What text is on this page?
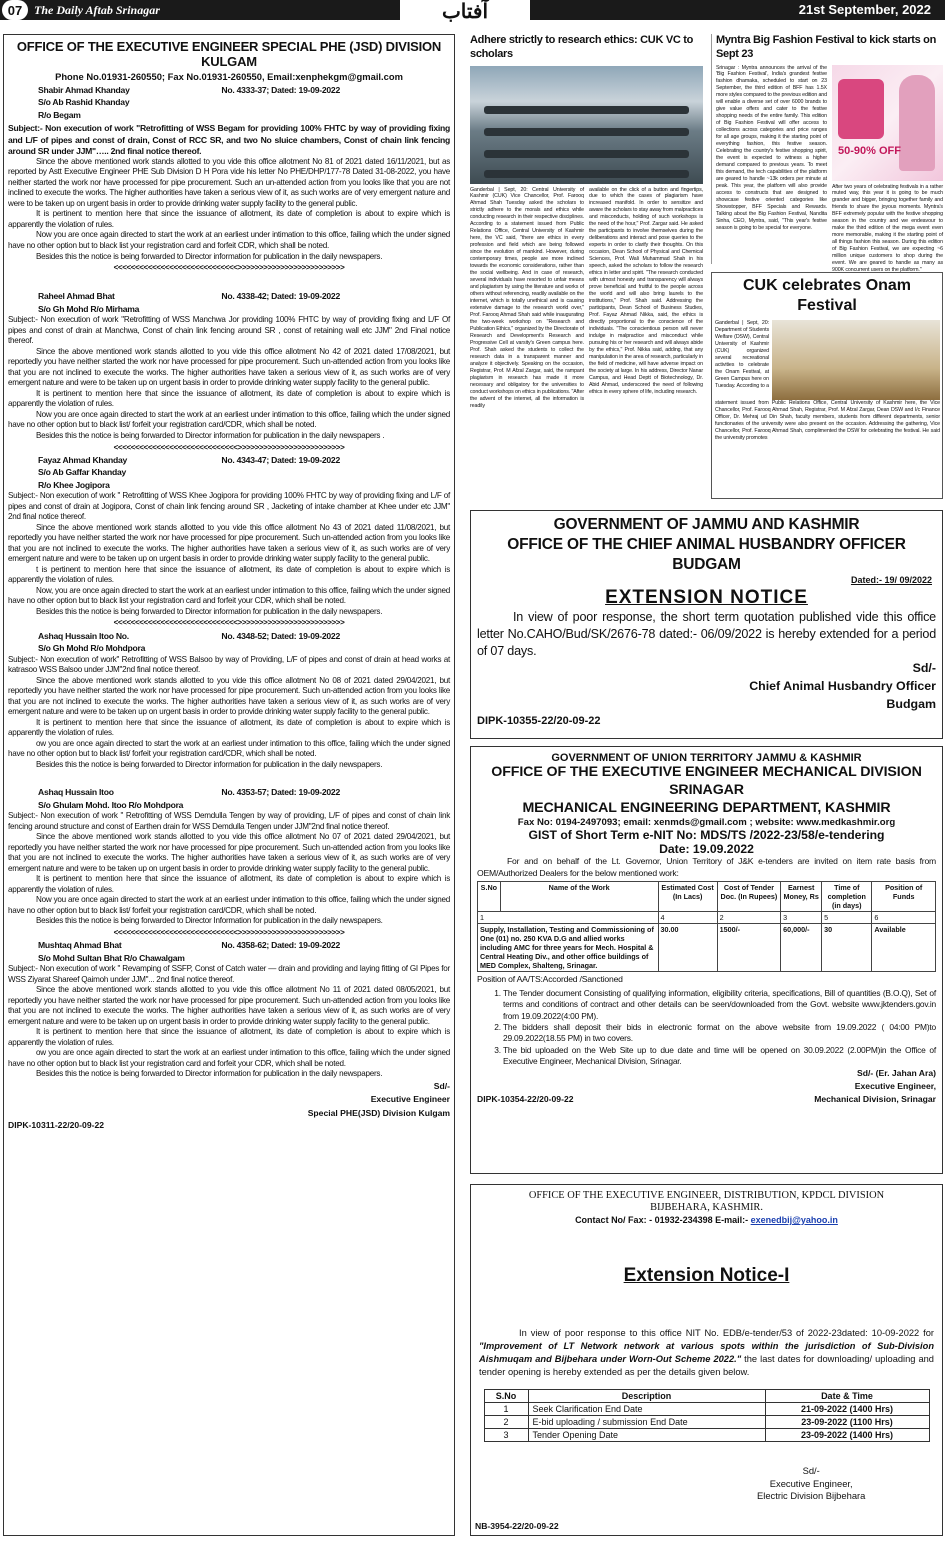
07 The Daily Aftab Srinagar	آفتاب	21st September, 2022
OFFICE OF THE EXECUTIVE ENGINEER SPECIAL PHE (JSD) DIVISION KULGAM
Phone No.01931-260550; Fax No.01931-260550, Email:xenphekgm@gmail.com
Shabir Ahmad Khanday	No. 4333-37; Dated: 19-09-2022
S/o Ab Rashid Khanday
R/o Begam

Subject:- Non execution of work "Retrofitting of WSS Begam for providing 100% FHTC by way of providing fixing and L/F of pipes and const of drain, Const of RCC SR, and two No sluice chambers, Const of chain link fencing around SR under JJM"….. 2nd final notice thereof.

Since the above mentioned work stands allotted to you vide this office allotment No 81 of 2021 dated 16/11/2021, but as reported by Astt Executive Engineer PHE Sub Division D H Pora vide his letter No PHE/DHP/177-78 Dated 31-08-2022, you have neither started the work nor have processed for pipe procurement. Such an un-attended action from you looks like that you are not inclined to execute the works. The higher authorities have taken a serious view of it, as such works are of very emergent nature and were to be taken up on urgent basis in order to provide drinking water supply facility to the general public.

It is pertinent to mention here that since the issuance of allotment, its date of completion is about to expire which is apparently the violation of rules.

Now you are once again directed to start the work at an earliest under intimation to this office, failing which the under signed have no other option but to black list your registration card and forfeit CDR, which shall be noted.

Besides this the notice is being forwarded to Director information for publication in the daily newspapers.

<<<<<<<<<<<<<<<<<<<<<<<<<<<<<>>>>>>>>>>>>>>>>>>>>>>>>>
Raheel Ahmad Bhat	No. 4338-42; Dated: 19-09-2022
S/o Gh Mohd R/o Mirhama

Subject:- Non execution of work "Retrofitting of WSS Manchwa Jor providing 100% FHTC by way of providing fixing and L/F Of pipes and const of drain at Manchwa, Const of chain link fencing around SR , const of retaining wall etc JJM" 2nd Final notice thereof.

Since the above mentioned work stands allotted to you vide this office allotment No 42 of 2021 dated 17/08/2021, but reportedly you have neither started the work nor have processed for pipe procurement. Such un-attended action from you looks like that you are not inclined to execute the works. The higher authorities have taken a serious view of it, as such works are of very emergent nature and were to be taken up on urgent basis in order to provide drinking water supply facility to the general public.

It is pertinent to mention here that since the issuance of allotment, its date of completion is about to expire which is apparently the violation of rules.

Now you are once again directed to start the work at an earliest under intimation to this office, failing which the under signed have no other option but to black list/ forfeit your registration card/CDR, which shall be noted.

Besides this the notice is being forwarded to Director information for publication in the daily newspapers .

<<<<<<<<<<<<<<<<<<<<<<<<<<<<<>>>>>>>>>>>>>>>>>>>>>>>>>
Fayaz Ahmad Khanday	No. 4343-47; Dated: 19-09-2022
S/o Ab Gaffar Khanday
R/o Khee Jogipora

Subject:- Non execution of work " Retrofitting of WSS Khee Jogipora for providing 100% FHTC by way of providing fixing and L/F of pipes and const of drain at Jogipora, Const of chain link fencing around SR , Jacketing of intake chamber at Khee under etc JJM" 2nd final notice thereof.

Since the above mentioned work stands allotted to you vide this office allotment No 43 of 2021 dated 11/08/2021, but reportedly you have neither started the work nor have processed for pipe procurement. Such un-attended action from you looks like that you are not inclined to execute the works. The higher authorities have taken a serious view of it, as such works are of very emergent nature and were to be taken up on urgent basis in order to provide drinking water supply facility to the general public.

t is pertinent to mention here that since the issuance of allotment, its date of completion is about to expire which is apparently the violation of rules.

Now, you are once again directed to start the work at an earliest under intimation to this office, failing which the under signed have no other option but to black list your registration card and forfeit your CDR, which shall be noted.

Besides this the notice is being forwarded to Director information for publication in the daily newspapers.

<<<<<<<<<<<<<<<<<<<<<<<<<<<<<>>>>>>>>>>>>>>>>>>>>>>>>>
Ashaq Hussain Itoo No.	No. 4348-52; Dated: 19-09-2022
S/o Gh Mohd R/o Mohdpora

Subject:- Non execution of work" Retrofitting of WSS Balsoo by way of Providing, L/F of pipes and const of drain at head works at katrasoo WSS Balsoo under JJM"2nd final notice thereof.

Since the above mentioned work stands allotted to you vide this office allotment No 08 of 2021 dated 29/04/2021, but reportedly you have neither started the work nor have processed for pipe procurement. Such un-attended action from you looks like that you are not inclined to execute the works. The higher authorities have taken a serious view of it, as such works are of very emergent nature and were to be taken up on urgent basis in order to provide drinking water supply facility to the general public.

It is pertinent to mention here that since the issuance of allotment, its date of completion is about to expire which is apparently the violation of rules.

ow you are once again directed to start the work at an earliest under intimation to this office, failing which the under signed have no other option but to black list/ forfeit your registration card/CDR, which shall be noted.

Besides this the notice is being forwarded to Director information for publication in the daily newspapers.

Ashaq Hussain Itoo	No. 4353-57; Dated: 19-09-2022
S/o Ghulam Mohd. Itoo R/o Mohdpora

Subject:- Non execution of work " Retrofitting of WSS Demdulla Tengen by way of providing, L/F of pipes and const of chain link fencing around structure and const of Earthen drain for WSS Demdulla Tengen under JJM"2nd final notice thereof.

Since the above mentioned work stands allotted to you vide this office allotment No 07 of 2021 dated 29/04/2021, but reportedly you have neither started the work nor have processed for pipe procurement. Such un-attended action from you looks like that you are not inclined to execute the works. The higher authorities have taken a serious view of it, as such works are of very emergent nature and were to be taken up on urgent basis in order to provide drinking water supply facility to the general public.

It is pertinent to mention here that since the issuance of allotment, its date of completion is about to expire which is apparently the violation of rules.

Now you are once again directed to start the work at an earliest under intimation to this office, failing which the under signed have no other option but to black list/ forfeit your registration card/CDR, which shall be noted.

Besides this the notice is being forwarded to Director Information for publication in the daily newspapers.

<<<<<<<<<<<<<<<<<<<<<<<<<<<<<>>>>>>>>>>>>>>>>>>>>>>>>>
Mushtaq Ahmad Bhat	No. 4358-62; Dated: 19-09-2022
S/o Mohd Sultan Bhat R/o Chawalgam

Subject:- Non execution of work " Revamping of SSFP, Const of Catch water — drain and providing and laying fitting of GI Pipes for WSS Ziyarat Shareef Qaimoh under JJM"... 2nd final notice thereof.

Since the above mentioned work stands allotted to you vide this office allotment No 11 of 2021 dated 08/05/2021, but reportedly you have neither started the work nor have processed for pipe procurement. Such un-attended action from you looks like that you are not inclined to execute the works. The higher authorities have taken a serious view of it, as such works are of very emergent nature and were to be taken up on urgent basis in order to provide drinking water supply facility to the general public.

It is pertinent to mention here that since the issuance of allotment, its date of completion is about to expire which is apparently the violation of rules.

ow you are once again directed to start the work at an earliest under intimation to this office, failing which the under signed have no other option but to black list your registration card and forfeit your CDR, which shall be noted.

Besides this the notice is being forwarded to Director information for publication in the daily newspapers.

Sd/-
Executive Engineer
Special PHE(JSD) Division Kulgam
DIPK-10311-22/20-09-22
Adhere strictly to research ethics: CUK VC to scholars
Ganderbal | Sept, 20: Central University of Kashmir (CUK) Vice Chancellor, Prof. Farooq Ahmad Shah Tuesday asked the scholars to strictly adhere to the morals and ethics while conducting research in their respective disciplines. According to a statement issued from Public Relations Office, Central University of Kashmir here, the VC said, "there are ethics in every profession and field which are being followed since the evolution of mankind. However, during contemporary times, people are more inclined towards the economic considerations, rather than the social wellbeing. And in case of research, several individuals have resorted to unfair means and plagiarism by using the literature and works of others without referencing, readily available on the internet, which is totally unethical and is causing extensive damage to the research world over," Prof. Farooq Ahmad Shah said while inaugurating the two-week workshop on "Research and Publication Ethics," organized by the Directorate of Research and Development's Research and Progressive Cell at varsity's Green campus here. Prof. Shah asked the students to collect the research data in a transparent manner and analyze it objectively. Speaking on the occasion, Registrar, Prof. M Afzal Zargar, said, the rampant plagiarism in research has made it more necessary and obligatory for the universities to conduct workshops on ethics in publications. "After the advent of the internet, all the information is readily
available on the click of a button and fingertips, due to which the cases of plagiarism have increased manifold. In order to sensitize and aware the scholars to stay away from malpractices and misconducts, holding of such workshops is the need of the hour," Prof. Zargar said. He asked the participants to involve themselves during the deliberations and interact and pose queries to the experts in order to clarify their thoughts. On this occasion, Dean School of Physical and Chemical Sciences, Prof. Wali Muhammad Shah in his speech, asked the scholars to follow the research ethics in letter and spirit. "The research conducted with utmost honesty and transparency will always prove beneficial and fruitful to the people across the world and will also bring laurels to the institutions," Prof. Shah said. Addressing the participants, Dean School of Business Studies, Prof. Fayaz Ahmad Nikka, said, the ethics is directly proportional to the conscience of the individuals. "The conscientious person will never indulge in malpractice and misconduct while pursuing his or her research and will always abide by the ethics," Prof. Nikka said, adding, that any manipulation in the area of research, particularly in the field of medicine, will have adverse impact on the society at large. In his address, Director Nanar Campus, and Head Deptt of Biotechnology, Dr. Abid Ahmad, underscored the need of following ethics in every sphere of life, including research.
Myntra Big Fashion Festival to kick starts on Sept 23
Srinagar : Myntra announces the arrival of the 'Big Fashion Festival', India's grandest festive fashion dhamaka, scheduled to start on 23 September, the third edition of BFF has 1.5X more styles compared to the previous edition and will enable a diverse set of over 6000 brands to give value offers and cater to the festive shopping needs of the entire family. This edition of Big Fashion Festival will offer access to collections across categories and price ranges for all age groups, making it the starting point of everything fashion, this festive season. Celebrating the country's festive shopping spirit, the event is expected to witness a higher demand compared to previous years. To meet this demand, the tech capabilities of the platform are geared to handle ~13k orders per minute at peak. This year, the platform will also provide access to constructs that are designed to showcase festive oriented categories like Showstopper, BFF Specials and Rewards. Talking about the Big Fashion Festival, Nandita Sinha, CEO, Myntra, said, "This year's festive season is going to be special for everyone.
50-90% OFF
After two years of celebrating festivals in a rather muted way, this year it is going to be much grander and bigger, bringing together family and friends to share the joyous moments. Myntra's BFF extremely popular with the festive shopping season in the country and we endeavour to make the third edition of the mega event even more memorable, making it the starting point of all things fashion this season. During this edition of Big Fashion Festival, we are expecting ~6 million unique customers to shop during the event. We are geared to handle as many as 900K concurrent users on the platform."
CUK celebrates Onam Festival
Ganderbal | Sept, 20: Department of Students Welfare (DSW), Central University of Kashmir (CUK) organized several recreational activities to celebrate the Onam Festival, at Green Campus here on Tuesday. According to a
statement issued from Public Relations Office, Central University of Kashmir here, the Vice Chancellor, Prof. Farooq Ahmad Shah, Registrar, Prof. M Afzal Zargar, Dean DSW and I/c Finance Officer, Dr. Mehraj ud Din Shah, faculty members, students from different departments, senior functionaries of the university were also present on the occasion. Addressing the gathering, Vice Chancellor, Prof. Farooq Ahmad Shah, complimented the DSW for celebrating the festival. He said the university promotes
GOVERNMENT OF JAMMU AND KASHMIR
OFFICE OF THE CHIEF ANIMAL HUSBANDRY OFFICER BUDGAM
Dated:- 19/ 09/2022
EXTENSION NOTICE
In view of poor response, the short term quotation published vide this office letter No.CAHO/Bud/SK/2676-78 dated:- 06/09/2022 is hereby extended for a period of 07 days.
Sd/-
Chief Animal Husbandry Officer
Budgam
DIPK-10355-22/20-09-22
GOVERNMENT OF UNION TERRITORY JAMMU & KASHMIR
OFFICE OF THE EXECUTIVE ENGINEER MECHANICAL DIVISION SRINAGAR
MECHANICAL ENGINEERING DEPARTMENT, KASHMIR
Fax No: 0194-2497093; email: xenmds@gmail.com ; website: www.medkashmir.org
GIST of Short Term e-NIT No: MDS/TS /2022-23/58/e-tendering
Date: 19.09.2022
For and on behalf of the Lt. Governor, Union Territory of J&K e-tenders are invited on item rate basis from OEM/Authorized Dealers for the below mentioned work:
S.No	Name of the Work	Estimated Cost (In Lacs)	Cost of Tender Doc. (In Rupees)	Earnest Money, Rs	Time of completion (in days)	Position of Funds
1		4	2	3	5	6
Supply, Installation, Testing and Commissioning of One (01) no. 250 KVA D.G and allied works including AMC for three years for Mech. Hospital & Central Heating Div., and other office buildings of MED Complex, Shalteng, Srinagar.		30.00	1500/-	60,000/-	30	Available
Position of AA/TS:Accorded /Sanctioned
1. The Tender document Consisting of qualifying information, eligibility criteria, specifications, Bill of quantities (B.O.Q), Set of terms and conditions of contract and other details can be seen/downloaded from the Govt. website www.jktenders.gov.in from 19.09.2022(4:00 PM).
2. The bidders shall deposit their bids in electronic format on the above website from 19.09.2022 ( 04:00 PM)to 29.09.2022(18.55 PM) in two covers.
3. The bid uploaded on the Web Site up to due date and time will be opened on 30.09.2022 (2.00PM)in the Office of Executive Engineer, Mechanical Division, Srinagar.
Sd/- (Er. Jahan Ara)
Executive Engineer,
Mechanical Division, Srinagar
DIPK-10354-22/20-09-22
OFFICE OF THE EXECUTIVE ENGINEER, DISTRIBUTION, KPDCL DIVISION
BIJBEHARA, KASHMIR.
Contact No/ Fax: - 01932-234398 E-mail:- exenedbij@yahoo.in
Extension Notice-I
In view of poor response to this office NIT No. EDB/e-tender/53 of 2022-23dated: 10-09-2022 for "Improvement of LT Network network at various spots within the jurisdiction of Sub-Division Aishmuqam and Bijbehara under Worn-Out Scheme 2022." the last dates for downloading/ uploading and tender opening is hereby extended as per the details given below.
S.No	Description	Date & Time
1	Seek Clarification End Date	21-09-2022 (1400 Hrs)
2	E-bid uploading / submission End Date	23-09-2022 (1100 Hrs)
3	Tender Opening Date	23-09-2022 (1400 Hrs)
Sd/-
Executive Engineer,
Electric Division Bijbehara
NB-3954-22/20-09-22
